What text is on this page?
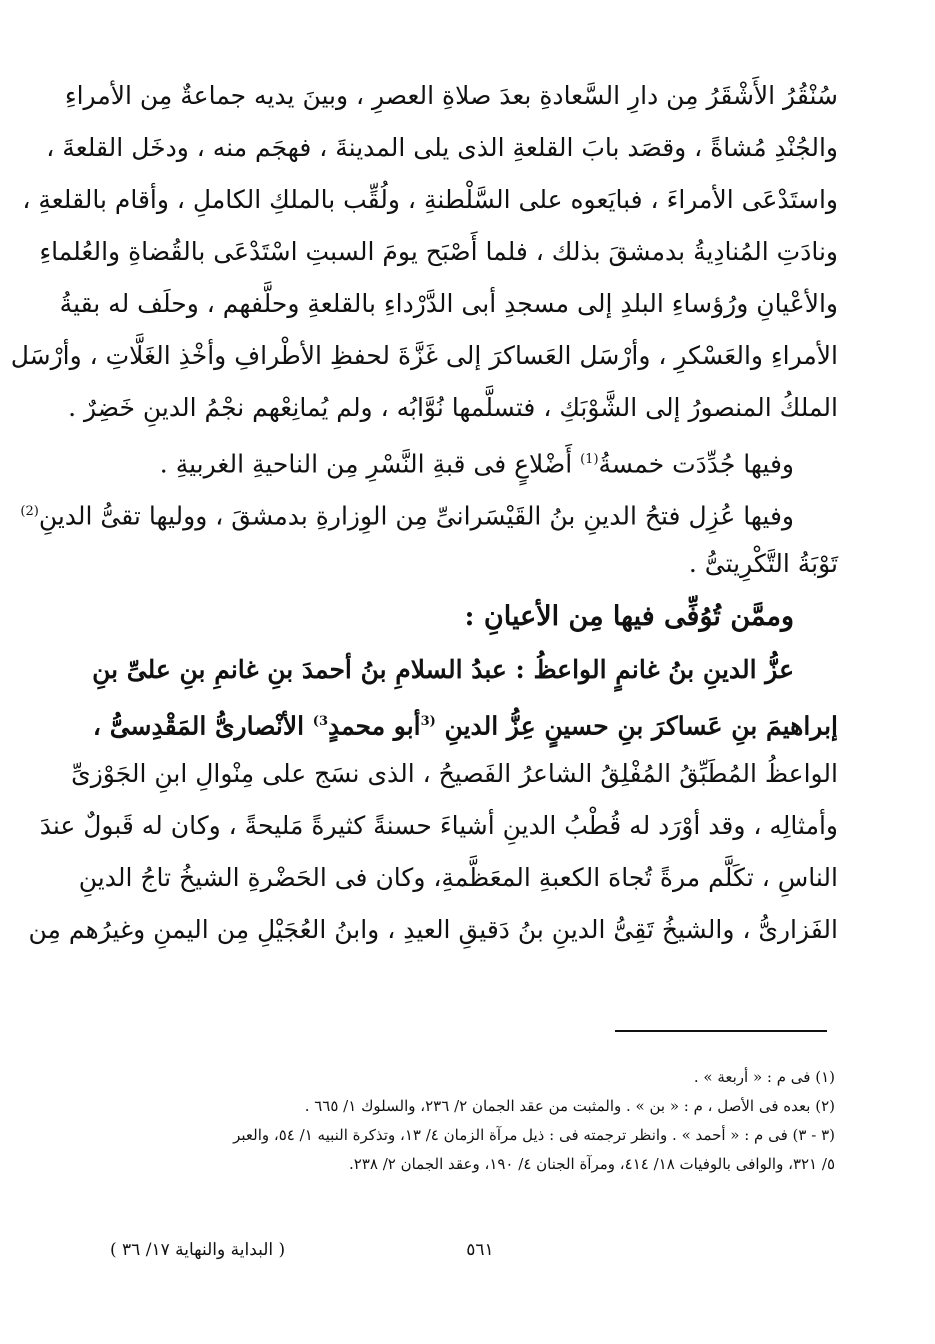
سُنْقُرُ الأَشْقَرُ مِن دارِ السَّعادةِ بعدَ صلاةِ العصرِ ، وبينَ يديه جماعةٌ مِن الأمراءِ
والجُنْدِ مُشاةً ، وقصَد بابَ القلعةِ الذى يلى المدينةَ ، فهجَم منه ، ودخَل القلعةَ ،
واستَدْعَى الأمراءَ ، فبايَعوه على السَّلْطنةِ ، ولُقِّب بالملكِ الكاملِ ، وأقام بالقلعةِ ،
ونادَتِ المُنادِيةُ بدمشقَ بذلك ، فلما أَصْبَح يومَ السبتِ اسْتَدْعَى بالقُضاةِ والعُلماءِ
والأعْيانِ ورُؤساءِ البلدِ إلى مسجدِ أبى الدَّرْداءِ بالقلعةِ وحلَّفهم ، وحلَف له بقيةُ
الأمراءِ والعَسْكرِ ، وأرْسَل العَساكرَ إلى غَزَّةَ لحفظِ الأطْرافِ وأخْذِ الغَلَّاتِ ، وأرْسَل
الملكُ المنصورُ إلى الشَّوْبَكِ ، فتسلَّمها نُوَّابُه ، ولم يُمانِعْهم نجْمُ الدينِ خَضِرٌ .
وفيها جُدِّدَت خمسةُ$^{(1)}$ أَضْلاعٍ فى قبةِ النَّسْرِ مِن الناحيةِ الغربيةِ .
وفيها عُزِل فتحُ الدينِ بنُ القَيْسَرانىِّ مِن الوِزارةِ بدمشقَ ، ووليها تقىُّ الدينِ$^{(2)}$
تَوْبَةُ التَّكْرِيتىُّ .
وممَّن تُوُفِّى فيها مِن الأعيانِ :
عزُّ الدينِ بنُ غانمٍ الواعظُ : عبدُ السلامِ بنُ أحمدَ بنِ غانمِ بنِ علىِّ بنِ
إبراهيمَ بنِ عَساكرَ بنِ حسينٍ عِزُّ الدينِ $^{(3}$أبو محمدٍ$^{3)}$ الأنْصارىُّ المَقْدِسىُّ ،
الواعظُ المُطَبِّقُ المُفْلِقُ الشاعرُ الفَصيحُ ، الذى نسَج على مِنْوالِ ابنِ الجَوْزىِّ
وأمثالِه ، وقد أوْرَد له قُطْبُ الدينِ أشياءَ حسنةً كثيرةً مَليحةً ، وكان له قَبولٌ عندَ
الناسِ ، تكَلَّم مرةً تُجاهَ الكعبةِ المعَظَّمةِ، وكان فى الحَضْرةِ الشيخُ تاجُ الدينِ
الفَزارىُّ ، والشيخُ تَقِىُّ الدينِ بنُ دَقيقِ العيدِ ، وابنُ العُجَيْلِ مِن اليمنِ وغيرُهم مِن
(١) فى م : « أربعة » .
(٢) بعده فى الأصل ، م : « بن » . والمثبت من عقد الجمان ٢/ ٢٣٦، والسلوك ١/ ٦٦٥ .
(٣ - ٣) فى م : « أحمد » . وانظر ترجمته فى : ذيل مرآة الزمان ٤/ ١٣، وتذكرة النبيه ١/ ٥٤، والعبر
٥/ ٣٢١، والوافى بالوفيات ١٨/ ٤١٤، ومرآة الجنان ٤/ ١٩٠، وعقد الجمان ٢/ ٢٣٨.
٥٦١
( البداية والنهاية ١٧/ ٣٦ )
